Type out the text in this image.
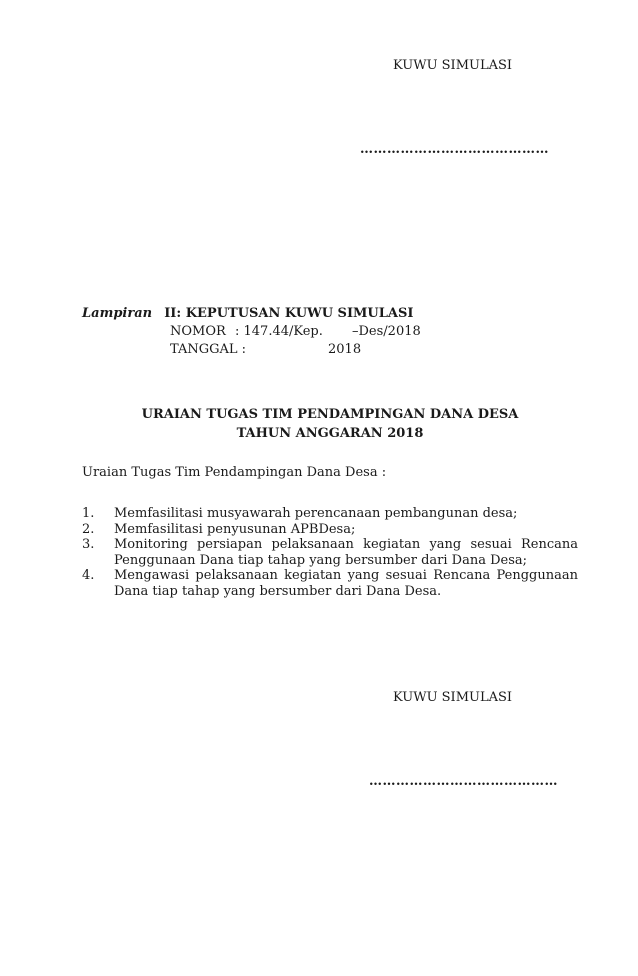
KUWU SIMULASI
……………………………………
Lampiran II: KEPUTUSAN KUWU SIMULASI
NOMOR : 147.44/Kep. –Des/2018
TANGGAL :	2018
URAIAN TUGAS TIM PENDAMPINGAN DANA DESA
TAHUN ANGGARAN 2018
Uraian Tugas Tim Pendampingan Dana Desa :
1.	Memfasilitasi musyawarah perencanaan pembangunan desa;
2.	Memfasilitasi penyusunan APBDesa;
3.	Monitoring persiapan pelaksanaan kegiatan yang sesuai Rencana Penggunaan Dana tiap tahap yang bersumber dari Dana Desa;
4.	Mengawasi pelaksanaan kegiatan yang sesuai Rencana Penggunaan Dana tiap tahap yang bersumber dari Dana Desa.
KUWU SIMULASI
……………………………………
